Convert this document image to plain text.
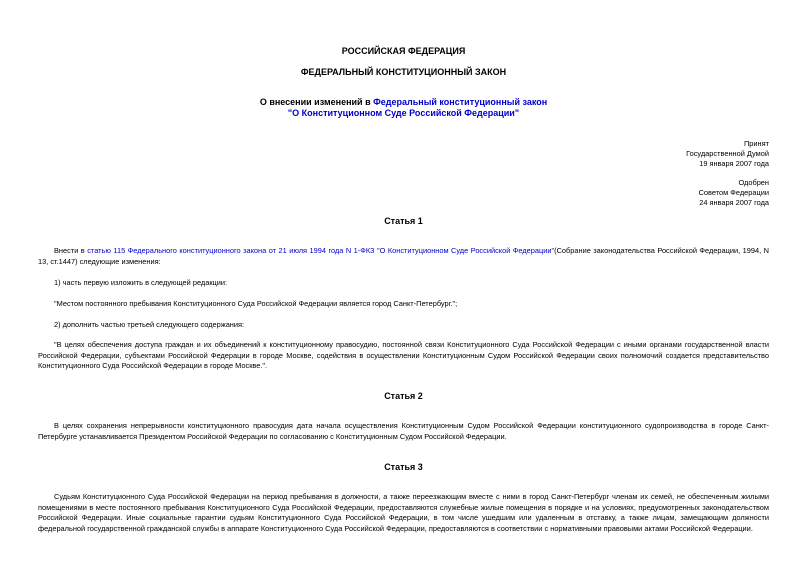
РОССИЙСКАЯ ФЕДЕРАЦИЯ
ФЕДЕРАЛЬНЫЙ КОНСТИТУЦИОННЫЙ ЗАКОН
О внесении изменений в Федеральный конституционный закон
"О Конституционном Суде Российской Федерации"
Принят
Государственной Думой
19 января 2007 года
Одобрен
Советом Федерации
24 января 2007 года
Статья 1
Внести в статью 115 Федерального конституционного закона от 21 июля 1994 года N 1-ФКЗ "О Конституционном Суде Российской Федерации"(Собрание законодательства Российской Федерации, 1994, N 13, ст.1447) следующие изменения:
1) часть первую изложить в следующей редакции:
"Местом постоянного пребывания Конституционного Суда Российской Федерации является город Санкт-Петербург.";
2) дополнить частью третьей следующего содержания:
"В целях обеспечения доступа граждан и их объединений к конституционному правосудию, постоянной связи Конституционного Суда Российской Федерации с иными органами государственной власти Российской Федерации, субъектами Российской Федерации в городе Москве, содействия в осуществлении Конституционным Судом Российской Федерации своих полномочий создается представительство Конституционного Суда Российской Федерации в городе Москве.".
Статья 2
В целях сохранения непрерывности конституционного правосудия дата начала осуществления Конституционным Судом Российской Федерации конституционного судопроизводства в городе Санкт-Петербурге устанавливается Президентом Российской Федерации по согласованию с Конституционным Судом Российской Федерации.
Статья 3
Судьям Конституционного Суда Российской Федерации на период пребывания в должности, а также переезжающим вместе с ними в город Санкт-Петербург членам их семей, не обеспеченным жилыми помещениями в месте постоянного пребывания Конституционного Суда Российской Федерации, предоставляются служебные жилые помещения в порядке и на условиях, предусмотренных законодательством Российской Федерации. Иные социальные гарантии судьям Конституционного Суда Российской Федерации, в том числе ушедшим или удаленным в отставку, а также лицам, замещающим должности федеральной государственной гражданской службы в аппарате Конституционного Суда Российской Федерации, предоставляются в соответствии с нормативными правовыми актами Российской Федерации.
